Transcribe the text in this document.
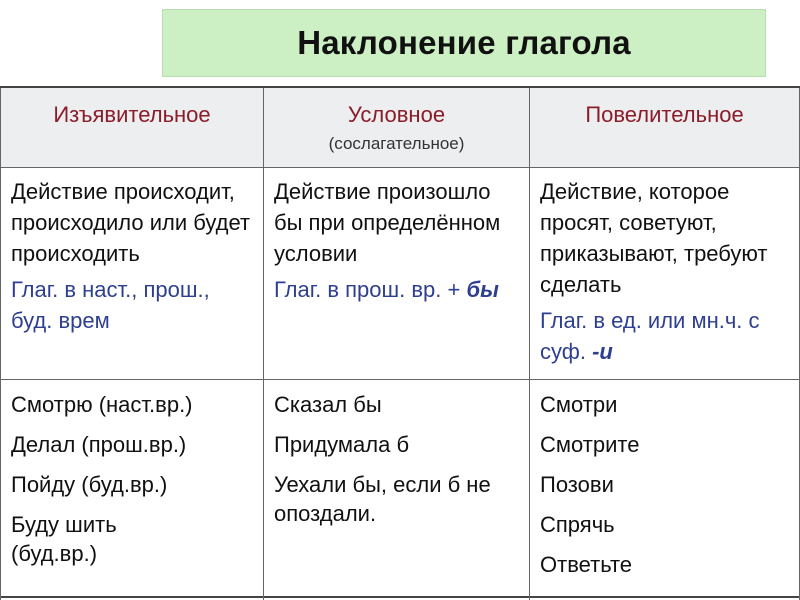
Наклонение глагола
Изъявительное	Условное
(сослагательное)
Повелительное
Действие происходит, происходило или будет происходить
Глаг. в наст., прош., буд. врем
Действие произошло бы при определённом условии
Глаг. в прош. вр. + бы
Действие, которое просят, советуют, приказывают, требуют сделать
Глаг. в ед. или мн.ч. с суф. -и
Смотрю (наст.вр.)
Делал (прош.вр.)
Пойду (буд.вр.)
Буду шить (буд.вр.)
Сказал бы
Придумала б
Уехали бы, если б не опоздали.
Смотри
Смотрите
Позови
Спрячь
Ответьте
